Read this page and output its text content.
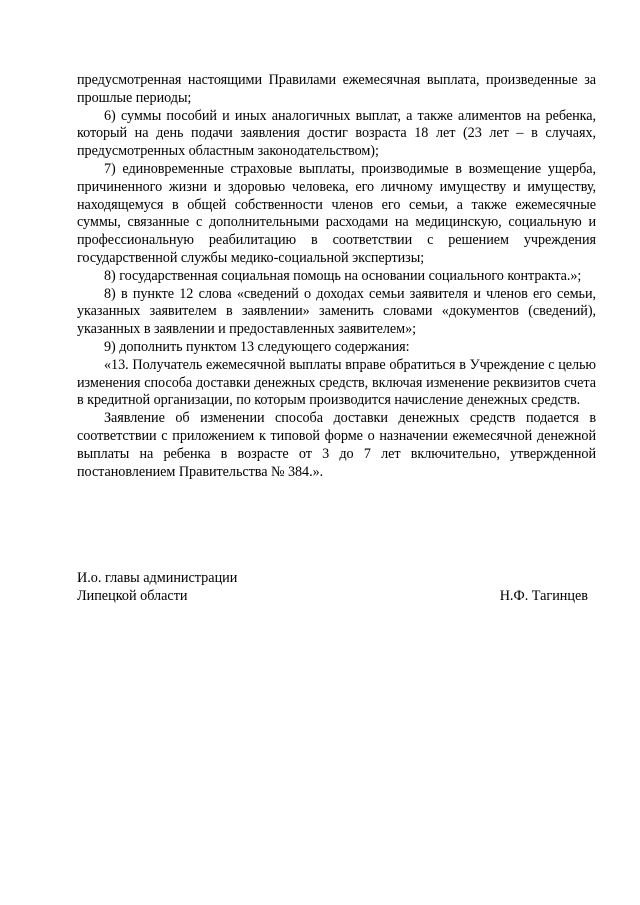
предусмотренная настоящими Правилами ежемесячная выплата, произведенные за прошлые периоды;

6) суммы пособий и иных аналогичных выплат, а также алиментов на ребенка, который на день подачи заявления достиг возраста 18 лет (23 лет – в случаях, предусмотренных областным законодательством);

7) единовременные страховые выплаты, производимые в возмещение ущерба, причиненного жизни и здоровью человека, его личному имуществу и имуществу, находящемуся в общей собственности членов его семьи, а также ежемесячные суммы, связанные с дополнительными расходами на медицинскую, социальную и профессиональную реабилитацию в соответствии с решением учреждения государственной службы медико-социальной экспертизы;

8) государственная социальная помощь на основании социального контракта.»;

8) в пункте 12 слова «сведений о доходах семьи заявителя и членов его семьи, указанных заявителем в заявлении» заменить словами «документов (сведений), указанных в заявлении и предоставленных заявителем»;

9) дополнить пунктом 13 следующего содержания:

«13. Получатель ежемесячной выплаты вправе обратиться в Учреждение с целью изменения способа доставки денежных средств, включая изменение реквизитов счета в кредитной организации, по которым производится начисление денежных средств.

Заявление об изменении способа доставки денежных средств подается в соответствии с приложением к типовой форме о назначении ежемесячной денежной выплаты на ребенка в возрасте от 3 до 7 лет включительно, утвержденной постановлением Правительства № 384.».

И.о. главы администрации
Липецкой области	Н.Ф. Тагинцев
